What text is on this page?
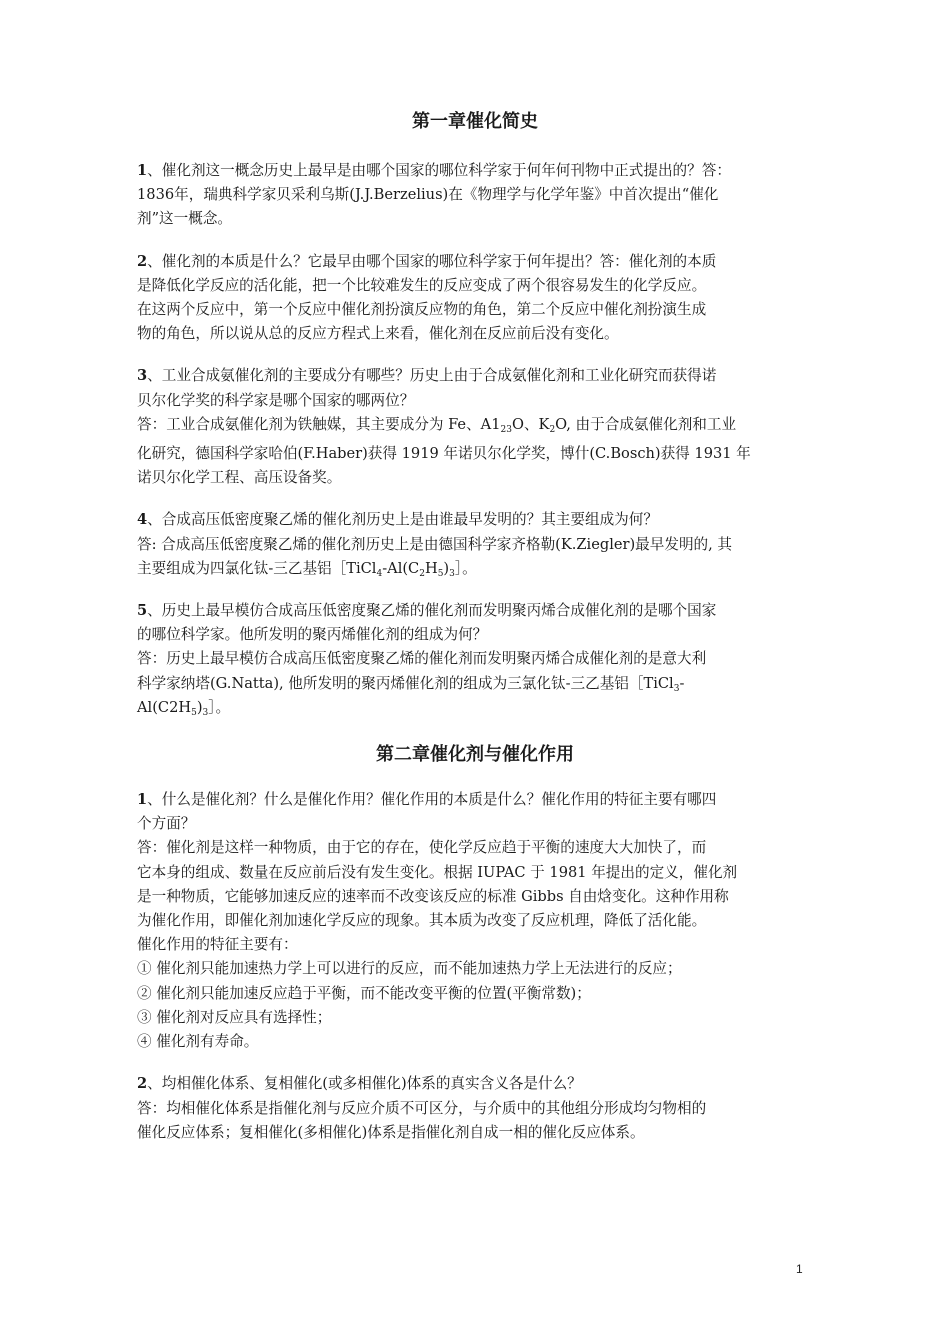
第一章催化简史

1、催化剂这一概念历史上最早是由哪个国家的哪位科学家于何年何刊物中正式提出的？答：

1836年，瑞典科学家贝采利乌斯(J.J.Berzelius)在《物理学与化学年鉴》中首次提出“催化

剂”这一概念。

2、催化剂的本质是什么？它最早由哪个国家的哪位科学家于何年提出？答：催化剂的本质

是降低化学反应的活化能，把一个比较难发生的反应变成了两个很容易发生的化学反应。

在这两个反应中，第一个反应中催化剂扮演反应物的角色，第二个反应中催化剂扮演生成

物的角色，所以说从总的反应方程式上来看，催化剂在反应前后没有变化。

3、工业合成氨催化剂的主要成分有哪些？历史上由于合成氨催化剂和工业化研究而获得诺

贝尔化学奖的科学家是哪个国家的哪两位？

答：工业合成氨催化剂为铁触媒，其主要成分为 Fe、$A1_{23}O$、$K_2O$, 由于合成氨催化剂和工业

化研究，德国科学家哈伯(F.Haber)获得 1919 年诺贝尔化学奖，博什(C.Bosch)获得 1931 年

诺贝尔化学工程、高压设备奖。

4、合成高压低密度聚乙烯的催化剂历史上是由谁最早发明的？其主要组成为何？

答: 合成高压低密度聚乙烯的催化剂历史上是由德国科学家齐格勒(K.Ziegler)最早发明的, 其

主要组成为四氯化钛-三乙基铝$[TiCl_4-Al(C_2H_5)_3]$。

5、历史上最早模仿合成高压低密度聚乙烯的催化剂而发明聚丙烯合成催化剂的是哪个国家

的哪位科学家。他所发明的聚丙烯催化剂的组成为何？

答：历史上最早模仿合成高压低密度聚乙烯的催化剂而发明聚丙烯合成催化剂的是意大利

科学家纳塔(G.Natta), 他所发明的聚丙烯催化剂的组成为三氯化钛-三乙基铝［TiCl$_3$-

$Al(C2H_5)_3]$。

第二章催化剂与催化作用

1、什么是催化剂？什么是催化作用？催化作用的本质是什么？催化作用的特征主要有哪四

个方面？

答：催化剂是这样一种物质，由于它的存在，使化学反应趋于平衡的速度大大加快了，而

它本身的组成、数量在反应前后没有发生变化。根据 IUPAC 于 1981 年提出的定义，催化剂

是一种物质，它能够加速反应的速率而不改变该反应的标准 Gibbs 自由焓变化。这种作用称

为催化作用，即催化剂加速化学反应的现象。其本质为改变了反应机理，降低了活化能。

催化作用的特征主要有：

① 催化剂只能加速热力学上可以进行的反应，而不能加速热力学上无法进行的反应；

② 催化剂只能加速反应趋于平衡，而不能改变平衡的位置(平衡常数)；

③ 催化剂对反应具有选择性；

④ 催化剂有寿命。

2、均相催化体系、复相催化(或多相催化)体系的真实含义各是什么？

答：均相催化体系是指催化剂与反应介质不可区分，与介质中的其他组分形成均匀物相的

催化反应体系；复相催化(多相催化)体系是指催化剂自成一相的催化反应体系。

1
